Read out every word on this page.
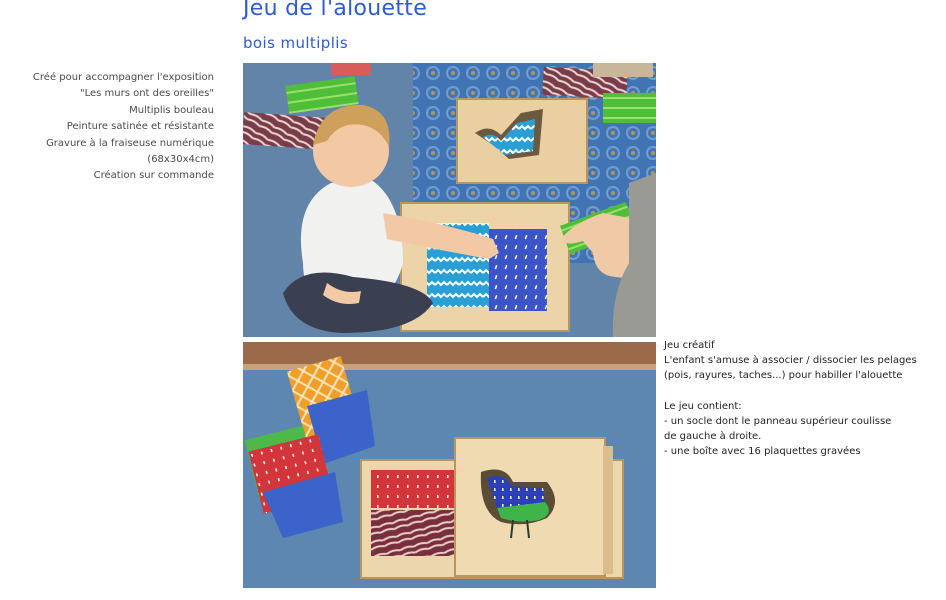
Jeu de l'alouette
bois multiplis
Créé pour accompagner l'exposition
"Les murs ont des oreilles"
Multiplis bouleau
Peinture satinée et résistante
Gravure à la fraiseuse numérique
(68x30x4cm)
Création sur commande
Jeu créatif
L'enfant s'amuse à associer / dissocier les pelages
(pois, rayures, taches...) pour habiller l'alouette
Le jeu contient:
- un socle dont le panneau supérieur coulisse
de gauche à droite.
- une boîte avec 16 plaquettes gravées
